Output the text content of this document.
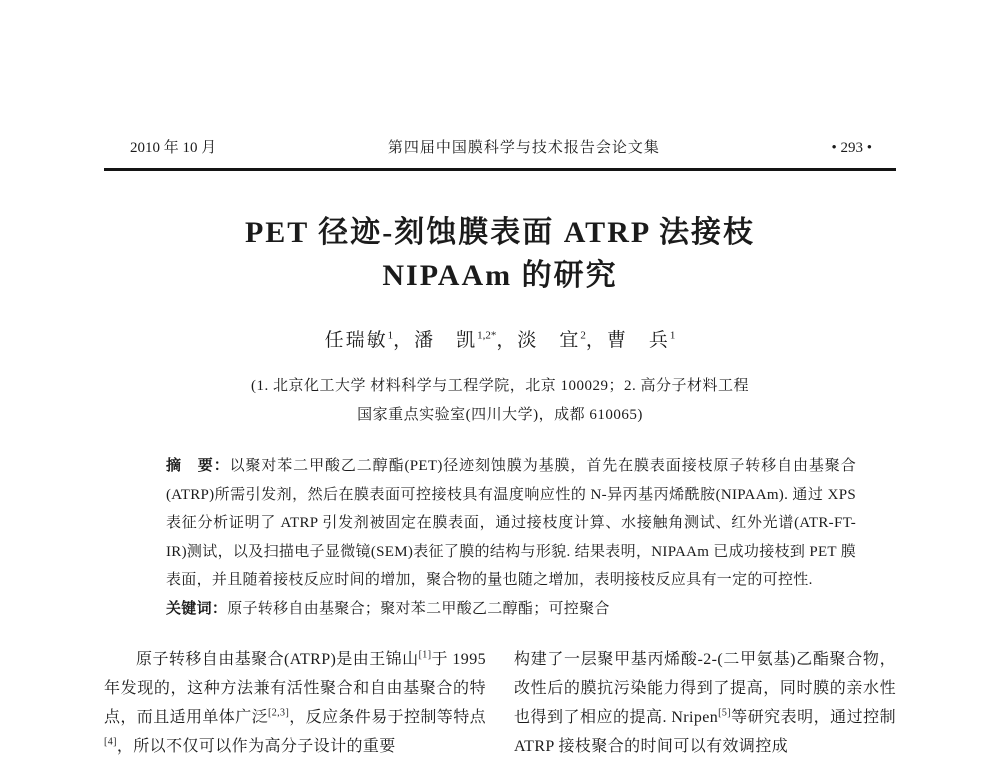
2010 年 10 月	第四届中国膜科学与技术报告会论文集	• 293 •
PET 径迹-刻蚀膜表面 ATRP 法接枝
NIPAAm 的研究

任瑞敏$^1$，潘　凯$^{1,2*}$，淡　宜$^2$，曹　兵$^1$

(1. 北京化工大学 材料科学与工程学院，北京 100029；2. 高分子材料工程
国家重点实验室(四川大学)，成都 610065)

摘　要：以聚对苯二甲酸乙二醇酯(PET)径迹刻蚀膜为基膜，首先在膜表面接枝原子转移自由基聚合(ATRP)所需引发剂，然后在膜表面可控接枝具有温度响应性的 N-异丙基丙烯酰胺(NIPAAm). 通过 XPS 表征分析证明了 ATRP 引发剂被固定在膜表面，通过接枝度计算、水接触角测试、红外光谱(ATR-FT-IR)测试，以及扫描电子显微镜(SEM)表征了膜的结构与形貌. 结果表明，NIPAAm 已成功接枝到 PET 膜表面，并且随着接枝反应时间的增加，聚合物的量也随之增加，表明接枝反应具有一定的可控性.

关键词：原子转移自由基聚合；聚对苯二甲酸乙二醇酯；可控聚合

原子转移自由基聚合(ATRP)是由王锦山[1]于 1995 年发现的，这种方法兼有活性聚合和自由基聚合的特点，而且适用单体广泛[2,3]，反应条件易于控制等特点[4]，所以不仅可以作为高分子设计的重要

构建了一层聚甲基丙烯酸-2-(二甲氨基)乙酯聚合物，改性后的膜抗污染能力得到了提高，同时膜的亲水性也得到了相应的提高. Nripen[5]等研究表明，通过控制 ATRP 接枝聚合的时间可以有效调控成
